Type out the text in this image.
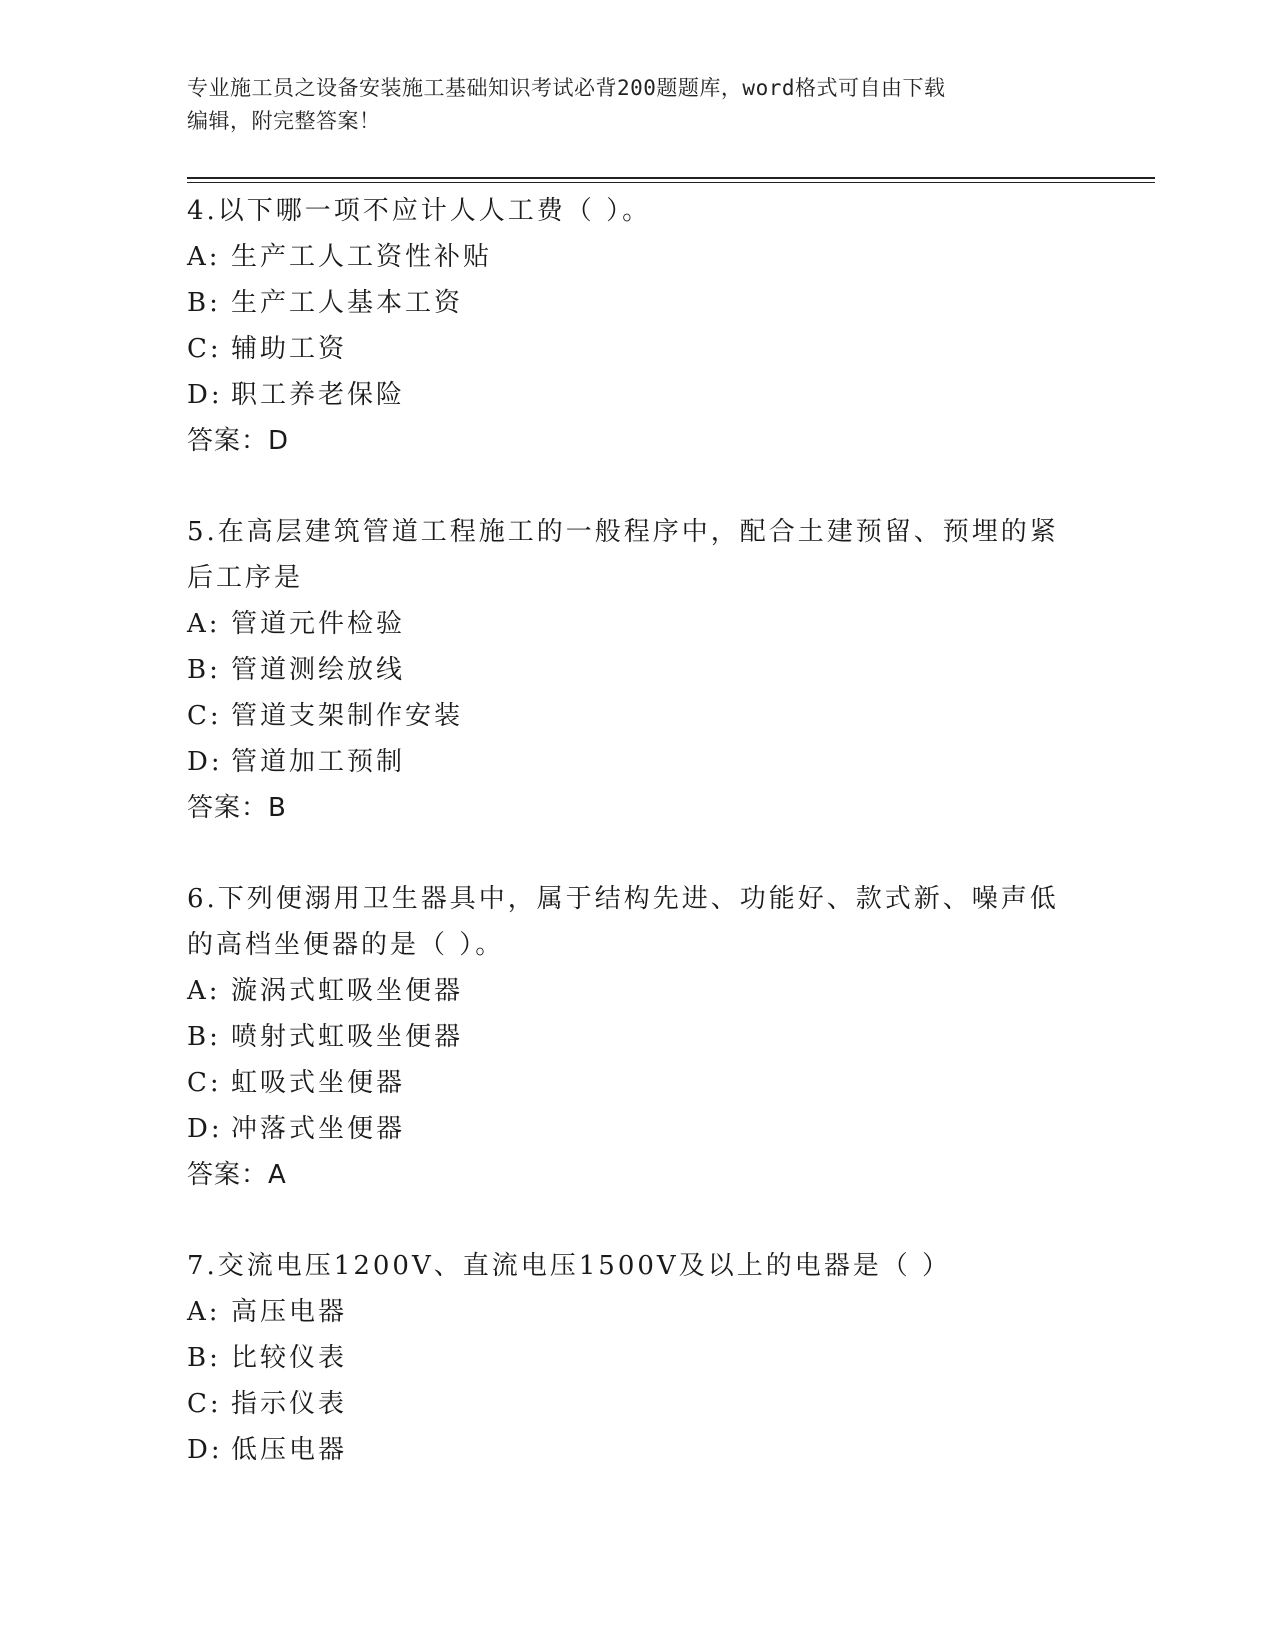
专业施工员之设备安装施工基础知识考试必背200题题库，word格式可自由下载
编辑，附完整答案！
4.以下哪一项不应计人人工费（ ）。
A: 生产工人工资性补贴
B: 生产工人基本工资
C: 辅助工资
D: 职工养老保险
答案：D
5.在高层建筑管道工程施工的一般程序中，配合土建预留、预埋的紧后工序是
A: 管道元件检验
B: 管道测绘放线
C: 管道支架制作安装
D: 管道加工预制
答案：B
6.下列便溺用卫生器具中，属于结构先进、功能好、款式新、噪声低的高档坐便器的是（ ）。
A: 漩涡式虹吸坐便器
B: 喷射式虹吸坐便器
C: 虹吸式坐便器
D: 冲落式坐便器
答案：A
7.交流电压1200V、直流电压1500V及以上的电器是（ ）
A: 高压电器
B: 比较仪表
C: 指示仪表
D: 低压电器
